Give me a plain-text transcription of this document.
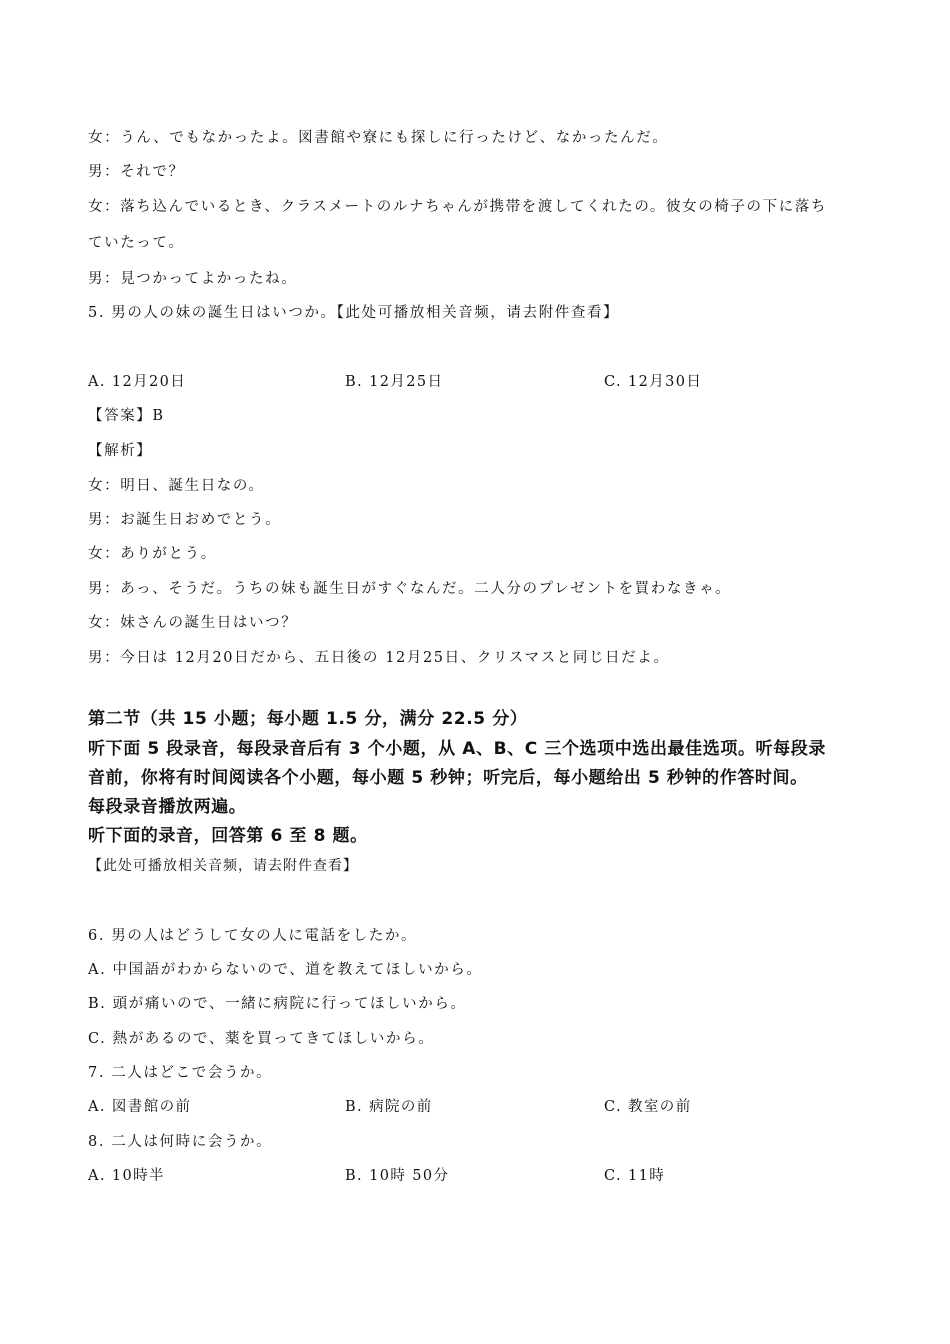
女：うん、でもなかったよ。図書館や寮にも探しに行ったけど、なかったんだ。
男：それで？
女：落ち込んでいるとき、クラスメートのルナちゃんが携帯を渡してくれたの。彼女の椅子の下に落ち
ていたって。
男：見つかってよかったね。
5. 男の人の妹の誕生日はいつか。【此处可播放相关音频，请去附件查看】
A. 12月20日	B. 12月25日	C. 12月30日
【答案】B
【解析】
女：明日、誕生日なの。
男：お誕生日おめでとう。
女：ありがとう。
男：あっ、そうだ。うちの妹も誕生日がすぐなんだ。二人分のプレゼントを買わなきゃ。
女：妹さんの誕生日はいつ？
男：今日は 12月20日だから、五日後の 12月25日、クリスマスと同じ日だよ。
第二节（共 15 小题；每小题 1.5 分，满分 22.5 分）
听下面 5 段录音，每段录音后有 3 个小题，从 A、B、C 三个选项中选出最佳选项。听每段录
音前，你将有时间阅读各个小题，每小题 5 秒钟；听完后，每小题给出 5 秒钟的作答时间。
每段录音播放两遍。
听下面的录音，回答第 6 至 8 题。
【此处可播放相关音频，请去附件查看】
6. 男の人はどうして女の人に電話をしたか。
A. 中国語がわからないので、道を教えてほしいから。
B. 頭が痛いので、一緒に病院に行ってほしいから。
C. 熱があるので、薬を買ってきてほしいから。
7. 二人はどこで会うか。
A. 図書館の前	B. 病院の前	C. 教室の前
8. 二人は何時に会うか。
A. 10時半	B. 10時 50分	C. 11時
